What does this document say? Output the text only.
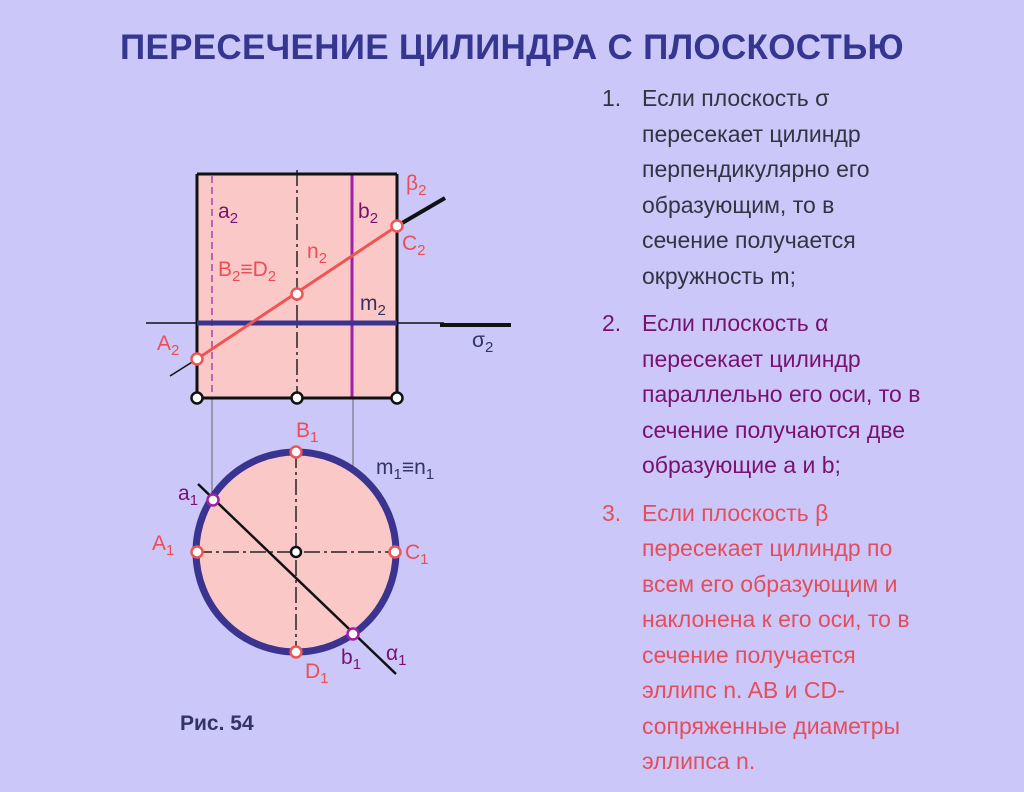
ПЕРЕСЕЧЕНИЕ ЦИЛИНДРА С ПЛОСКОСТЬЮ
$a_2$	$b_2$
$\beta_2$
$C_2$
$n_2$
$B_2\equiv D_2$
$m_2$
$A_2$	$\sigma_2$
$B_1$
$m_1\equiv n_1$
$a_1$
$A_1$	$C_1$
$D_1$
$b_1$ $\alpha_1$
Рис. 54
1. Если плоскость σ
пересекает цилиндр
перпендикулярно его
образующим, то в
сечение получается
окружность m;
2. Если плоскость α
пересекает цилиндр
параллельно его оси, то в
сечение получаются две
образующие a и b;
3. Если плоскость β
пересекает цилиндр по
всем его образующим и
наклонена к его оси, то в
сечение получается
эллипс n. AB и CD-
сопряженные диаметры
эллипса n.
